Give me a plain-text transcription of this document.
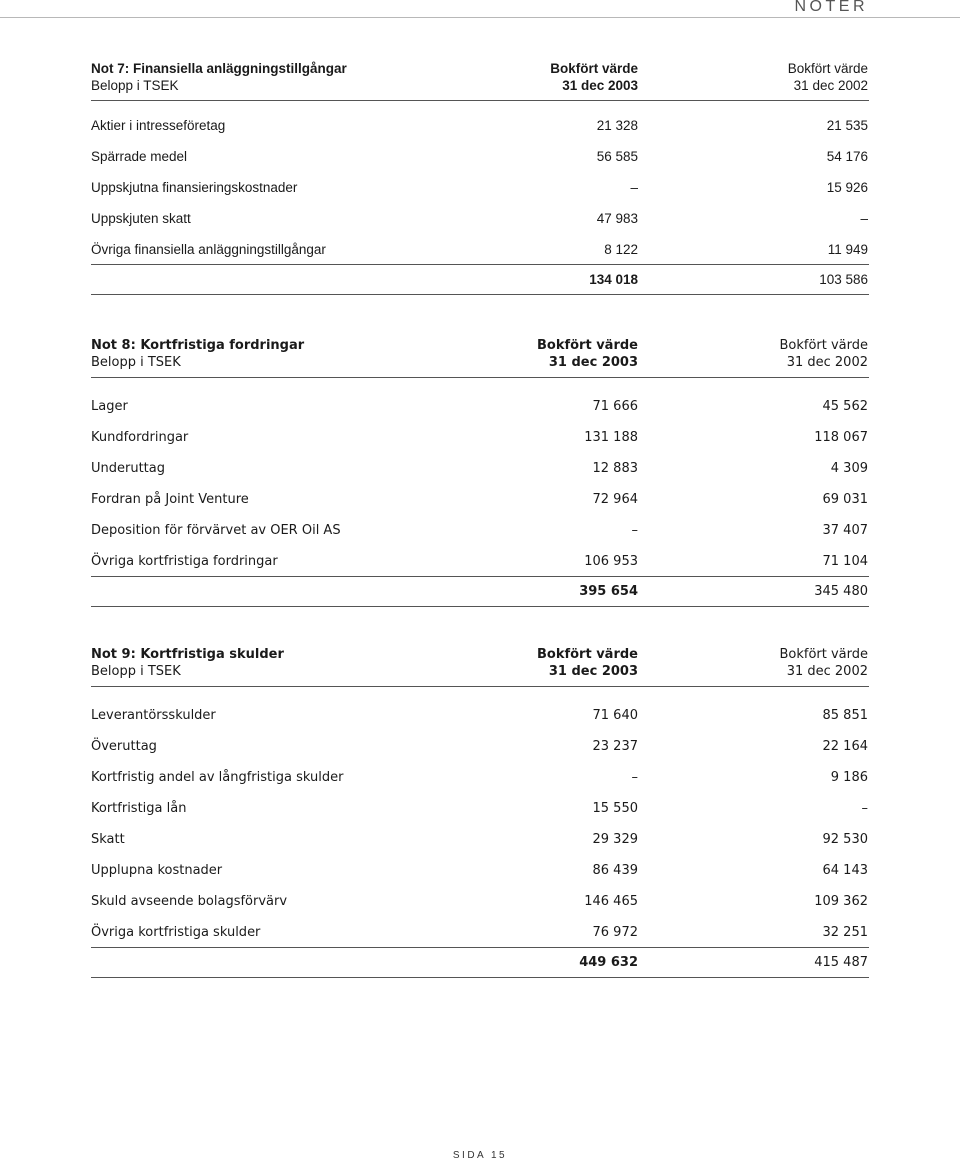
NOTER
Not 7: Finansiella anläggningstillgångar	Bokfört värde	Bokfört värde
Belopp i TSEK	31 dec 2003	31 dec 2002
Aktier i intresseföretag	21 328	21 535
Spärrade medel	56 585	54 176
Uppskjutna finansieringskostnader	–	15 926
Uppskjuten skatt	47 983	–
Övriga finansiella anläggningstillgångar	8 122	11 949
134 018	103 586
Not 8: Kortfristiga fordringar	Bokfört värde	Bokfört värde
Belopp i TSEK	31 dec 2003	31 dec 2002
Lager	71 666	45 562
Kundfordringar	131 188	118 067
Underuttag	12 883	4 309
Fordran på Joint Venture	72 964	69 031
Deposition för förvärvet av OER Oil AS	–	37 407
Övriga kortfristiga fordringar	106 953	71 104
395 654	345 480
Not 9: Kortfristiga skulder	Bokfört värde	Bokfört värde
Belopp i TSEK	31 dec 2003	31 dec 2002
Leverantörsskulder	71 640	85 851
Överuttag	23 237	22 164
Kortfristig andel av långfristiga skulder	–	9 186
Kortfristiga lån	15 550	–
Skatt	29 329	92 530
Upplupna kostnader	86 439	64 143
Skuld avseende bolagsförvärv	146 465	109 362
Övriga kortfristiga skulder	76 972	32 251
449 632	415 487
SIDA 15
